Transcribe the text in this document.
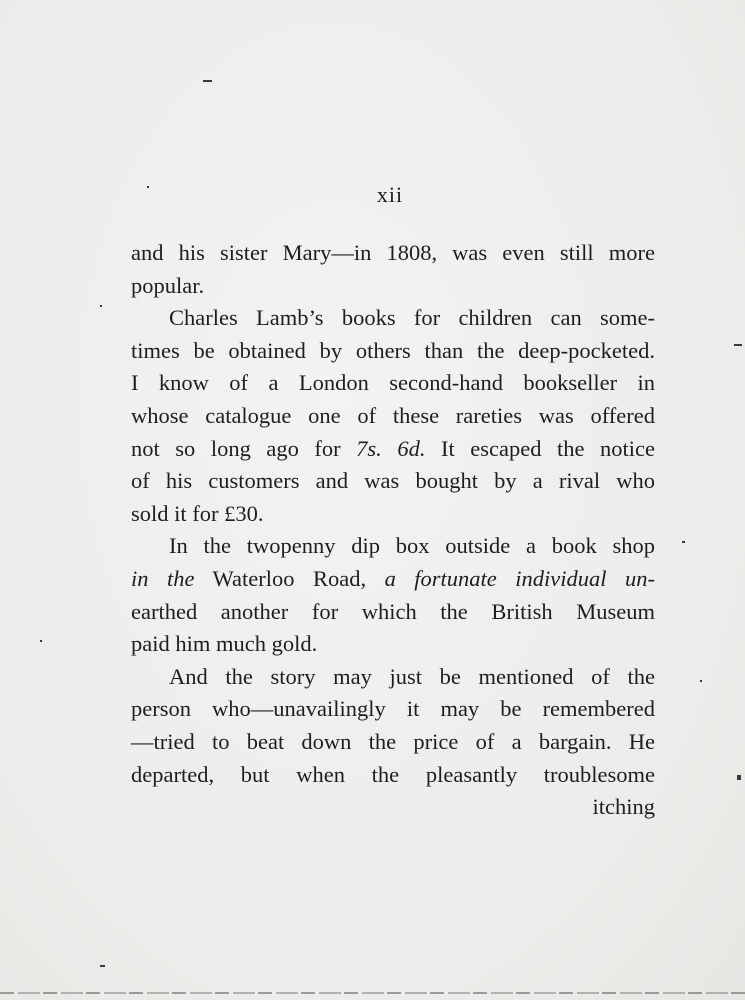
xii
and his sister Mary—in 1808, was even still more
popular.
Charles Lamb’s books for children can some-
times be obtained by others than the deep-pocketed.
I know of a London second-hand bookseller in
whose catalogue one of these rareties was offered
not so long ago for 7s. 6d. It escaped the notice
of his customers and was bought by a rival who
sold it for £30.
In the twopenny dip box outside a book shop
in the Waterloo Road, a fortunate individual un-
earthed another for which the British Museum
paid him much gold.
And the story may just be mentioned of the
person who—unavailingly it may be remembered
—tried to beat down the price of a bargain. He
departed, but when the pleasantly troublesome
itching
